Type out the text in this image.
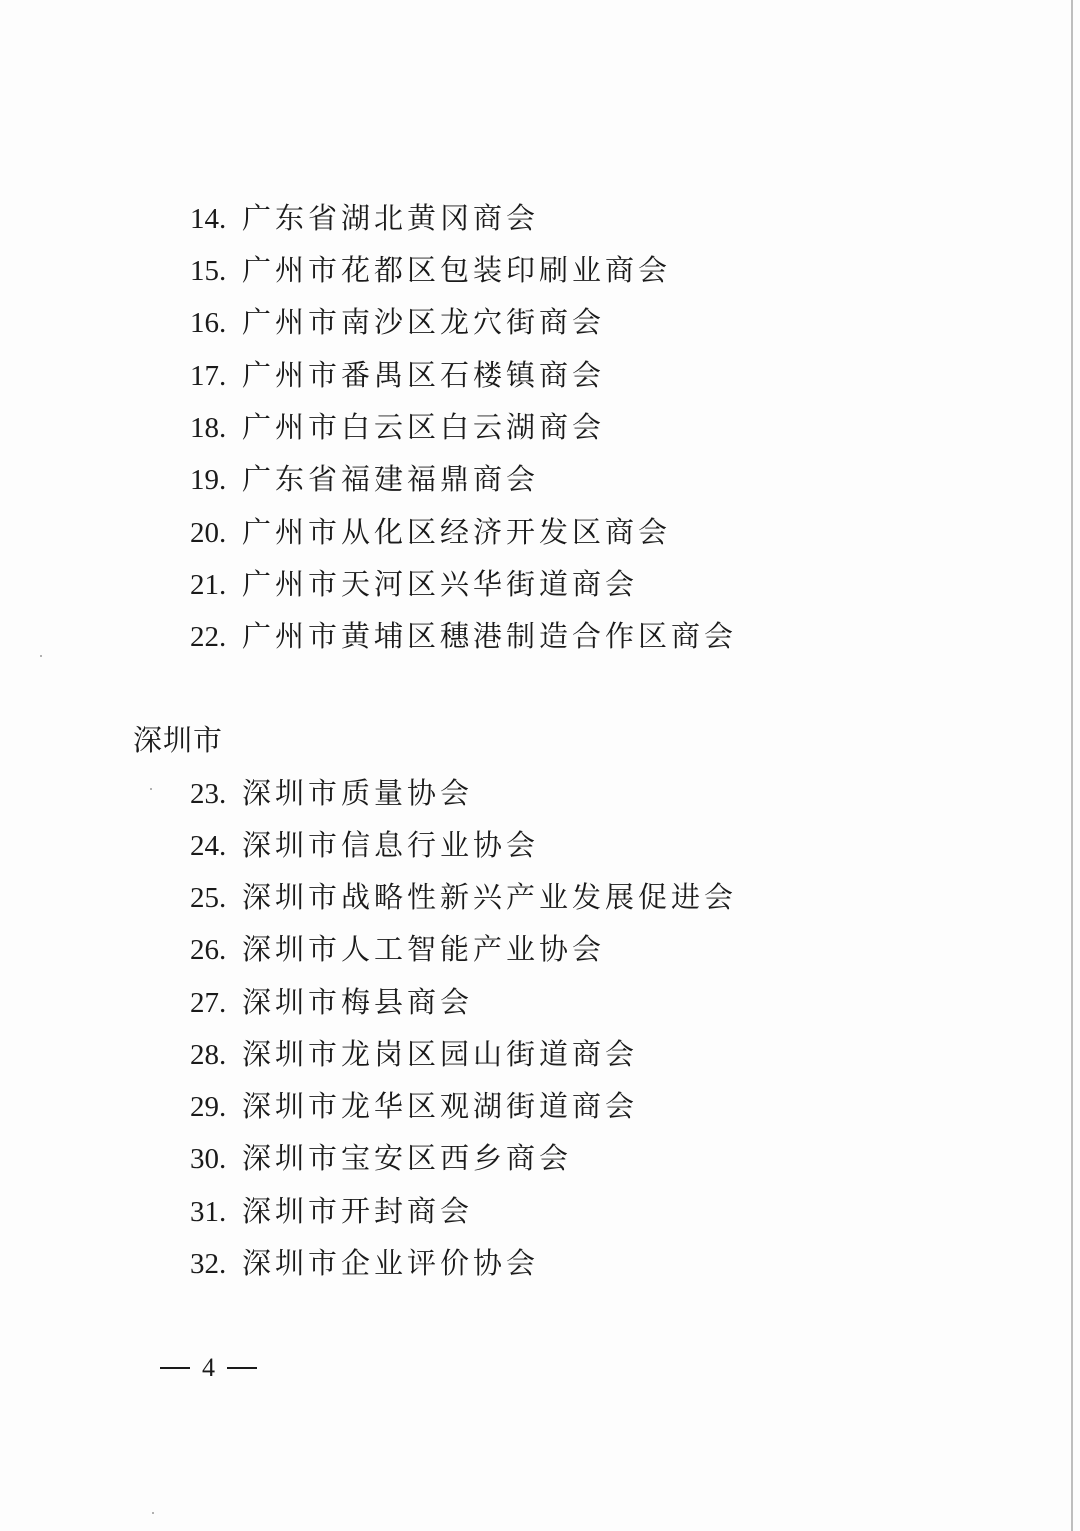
14. 广东省湖北黄冈商会
15. 广州市花都区包装印刷业商会
16. 广州市南沙区龙穴街商会
17. 广州市番禺区石楼镇商会
18. 广州市白云区白云湖商会
19. 广东省福建福鼎商会
20. 广州市从化区经济开发区商会
21. 广州市天河区兴华街道商会
22. 广州市黄埔区穗港制造合作区商会
深圳市
23. 深圳市质量协会
24. 深圳市信息行业协会
25. 深圳市战略性新兴产业发展促进会
26. 深圳市人工智能产业协会
27. 深圳市梅县商会
28. 深圳市龙岗区园山街道商会
29. 深圳市龙华区观湖街道商会
30. 深圳市宝安区西乡商会
31. 深圳市开封商会
32. 深圳市企业评价协会
4
